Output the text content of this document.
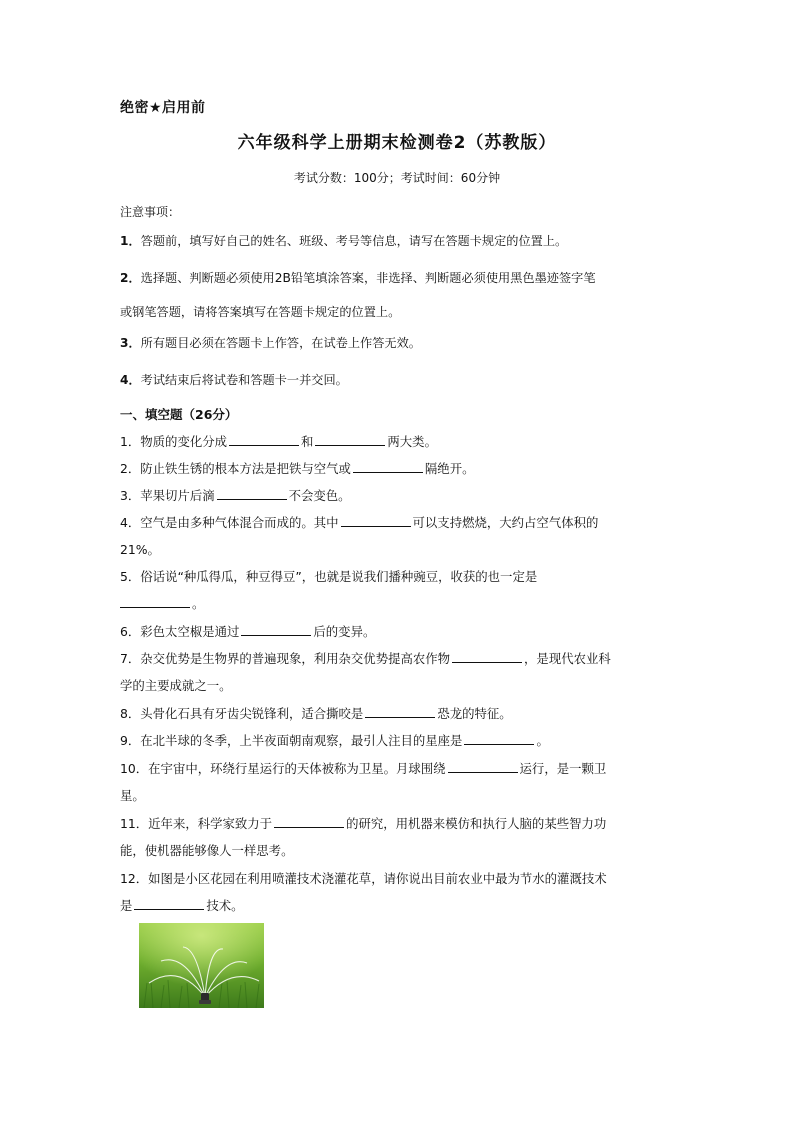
绝密★启用前
六年级科学上册期末检测卷2（苏教版）
考试分数：100分；考试时间：60分钟
注意事项：
1．答题前，填写好自己的姓名、班级、考号等信息，请写在答题卡规定的位置上。
2．选择题、判断题必须使用2B铅笔填涂答案，非选择、判断题必须使用黑色墨迹签字笔
或钢笔答题，请将答案填写在答题卡规定的位置上。
3．所有题目必须在答题卡上作答，在试卷上作答无效。
4．考试结束后将试卷和答题卡一并交回。
一、填空题（26分）
1．物质的变化分成	和	两大类。
2．防止铁生锈的根本方法是把铁与空气或	隔绝开。
3．苹果切片后滴	不会变色。
4．空气是由多种气体混合而成的。其中	可以支持燃烧，大约占空气体积的
21%。
5．俗话说“种瓜得瓜，种豆得豆”，也就是说我们播种豌豆，收获的也一定是
。
6．彩色太空椒是通过	后的变异。
7．杂交优势是生物界的普遍现象，利用杂交优势提高农作物	，是现代农业科
学的主要成就之一。
8．头骨化石具有牙齿尖锐锋利，适合撕咬是	恐龙的特征。
9．在北半球的冬季，上半夜面朝南观察，最引人注目的星座是	。
10．在宇宙中，环绕行星运行的天体被称为卫星。月球围绕	运行，是一颗卫
星。
11．近年来，科学家致力于	的研究，用机器来模仿和执行人脑的某些智力功
能，使机器能够像人一样思考。
12．如图是小区花园在利用喷灌技术浇灌花草，请你说出目前农业中最为节水的灌溉技术
是	技术。
